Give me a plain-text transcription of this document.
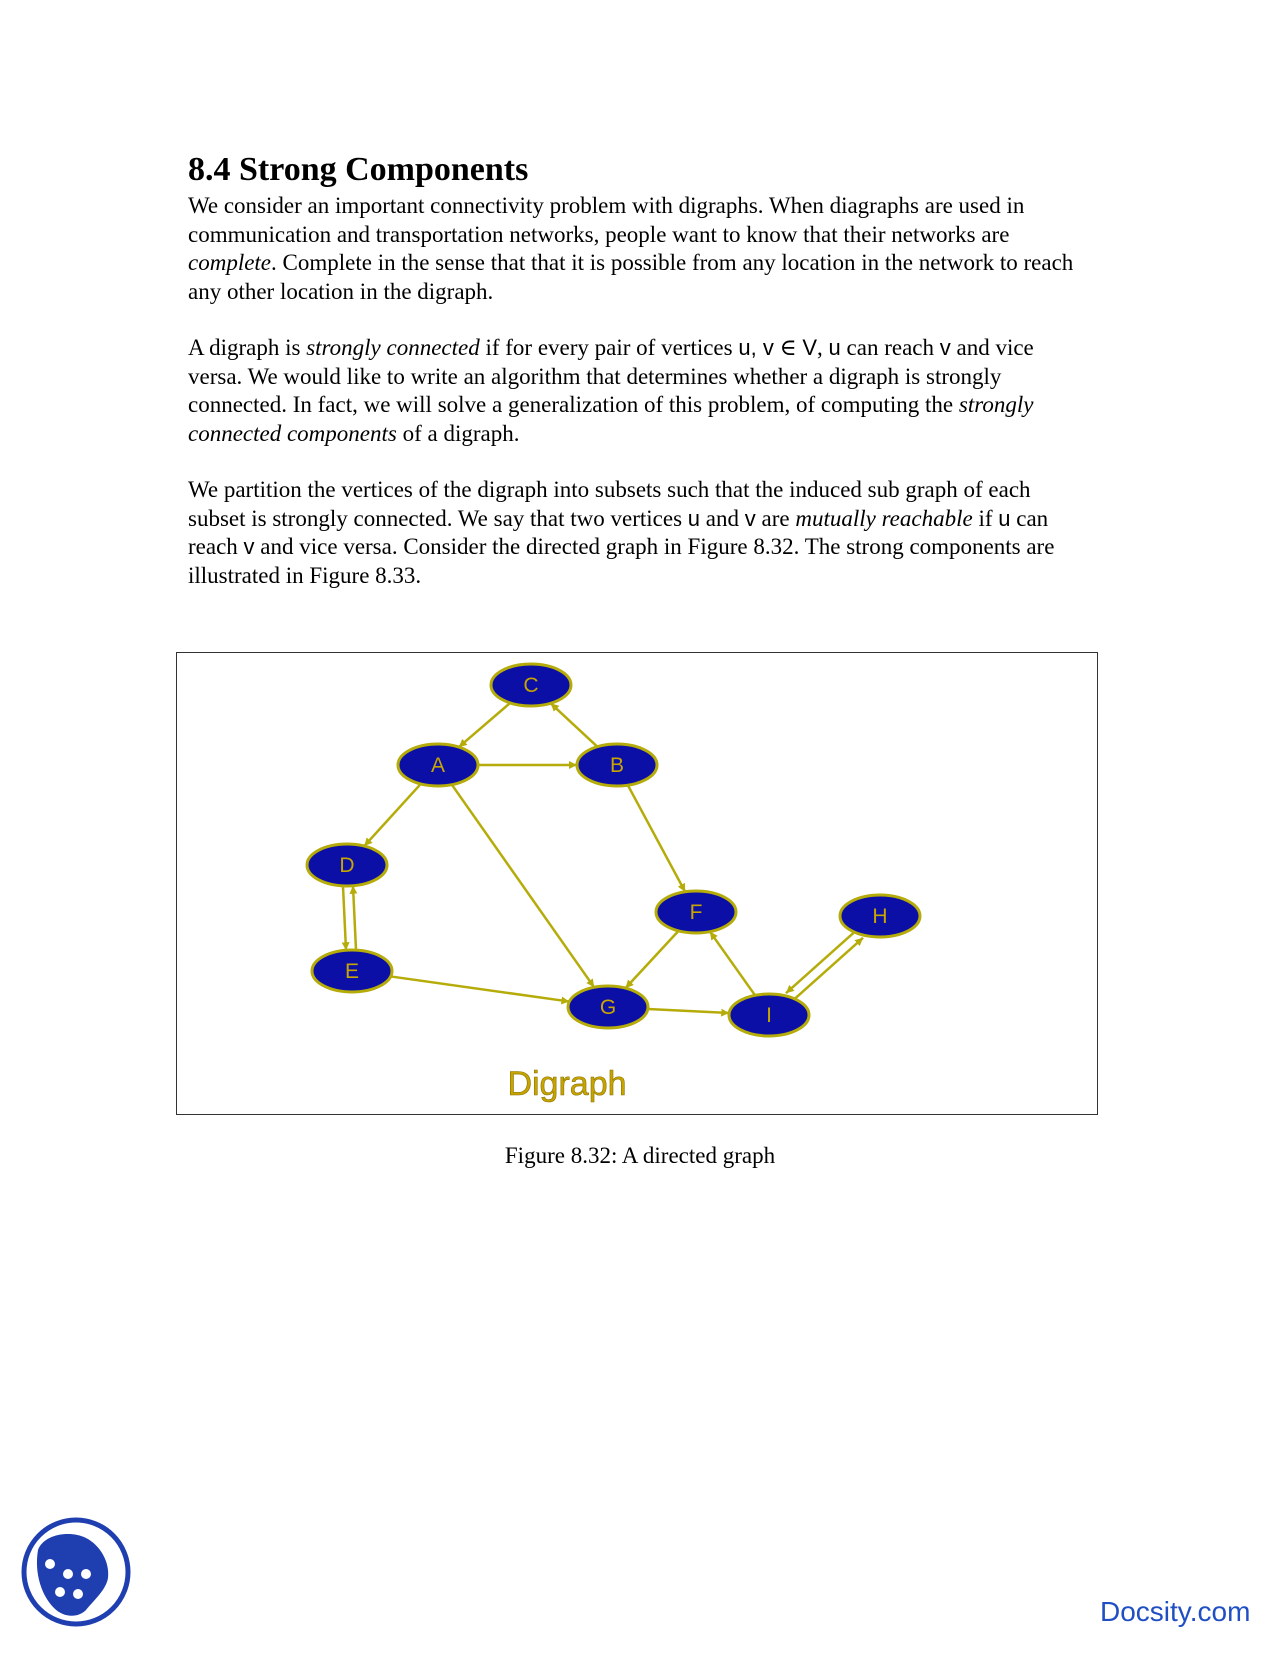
8.4 Strong Components

We consider an important connectivity problem with digraphs. When diagraphs are used in communication and transportation networks, people want to know that their networks are complete. Complete in the sense that that it is possible from any location in the network to reach any other location in the digraph.

A digraph is strongly connected if for every pair of vertices u, v ∈ V, u can reach v and vice versa. We would like to write an algorithm that determines whether a digraph is strongly connected. In fact, we will solve a generalization of this problem, of computing the strongly connected components of a digraph.

We partition the vertices of the digraph into subsets such that the induced sub graph of each subset is strongly connected. We say that two vertices u and v are mutually reachable if u can reach v and vice versa. Consider the directed graph in Figure 8.32. The strong components are illustrated in Figure 8.33.

C
A	B
D
F	H
E
G	I
Digraph
Figure 8.32: A directed graph
Docsity.com
